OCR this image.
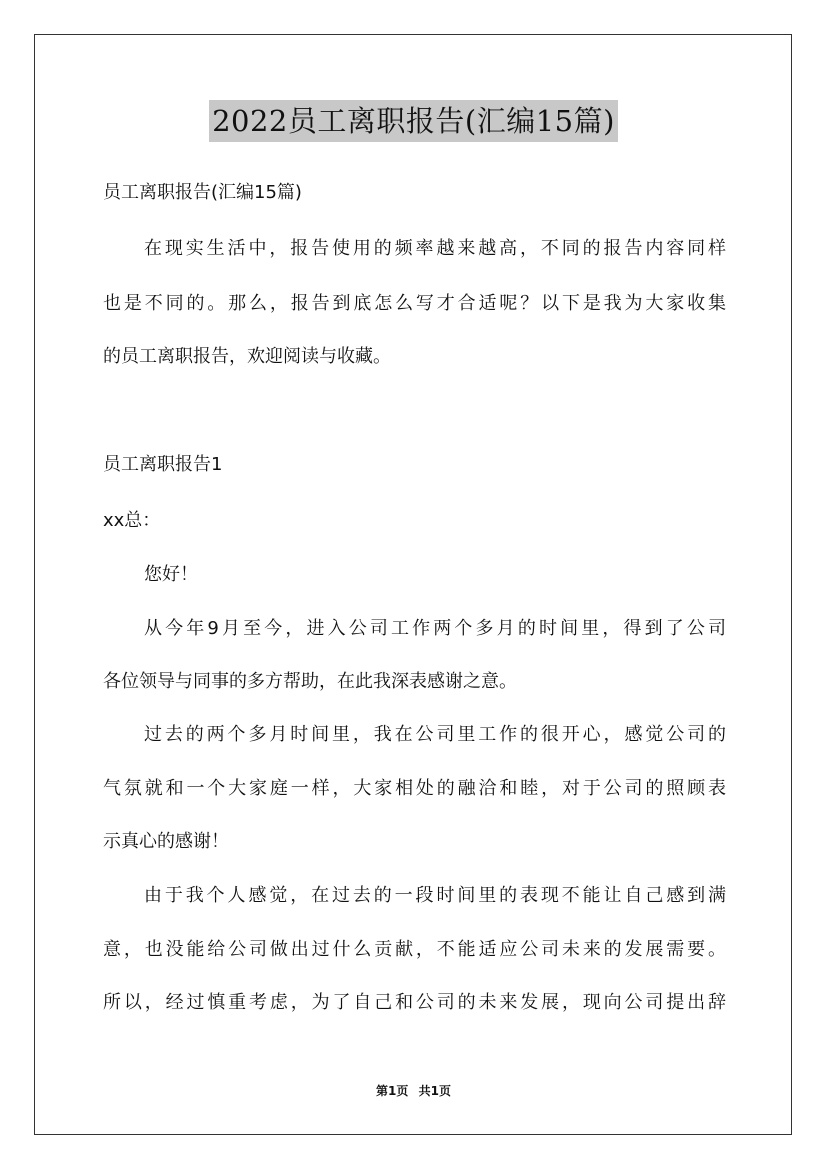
2022员工离职报告(汇编15篇)
员工离职报告(汇编15篇)
在现实生活中，报告使用的频率越来越高，不同的报告内容同样
也是不同的。那么，报告到底怎么写才合适呢？以下是我为大家收集
的员工离职报告，欢迎阅读与收藏。
员工离职报告1
xx总：
您好！
从今年9月至今，进入公司工作两个多月的时间里，得到了公司
各位领导与同事的多方帮助，在此我深表感谢之意。
过去的两个多月时间里，我在公司里工作的很开心，感觉公司的
气氛就和一个大家庭一样，大家相处的融洽和睦，对于公司的照顾表
示真心的感谢！
由于我个人感觉，在过去的一段时间里的表现不能让自己感到满
意，也没能给公司做出过什么贡献，不能适应公司未来的发展需要。
所以，经过慎重考虑，为了自己和公司的未来发展，现向公司提出辞
第1页 共1页
